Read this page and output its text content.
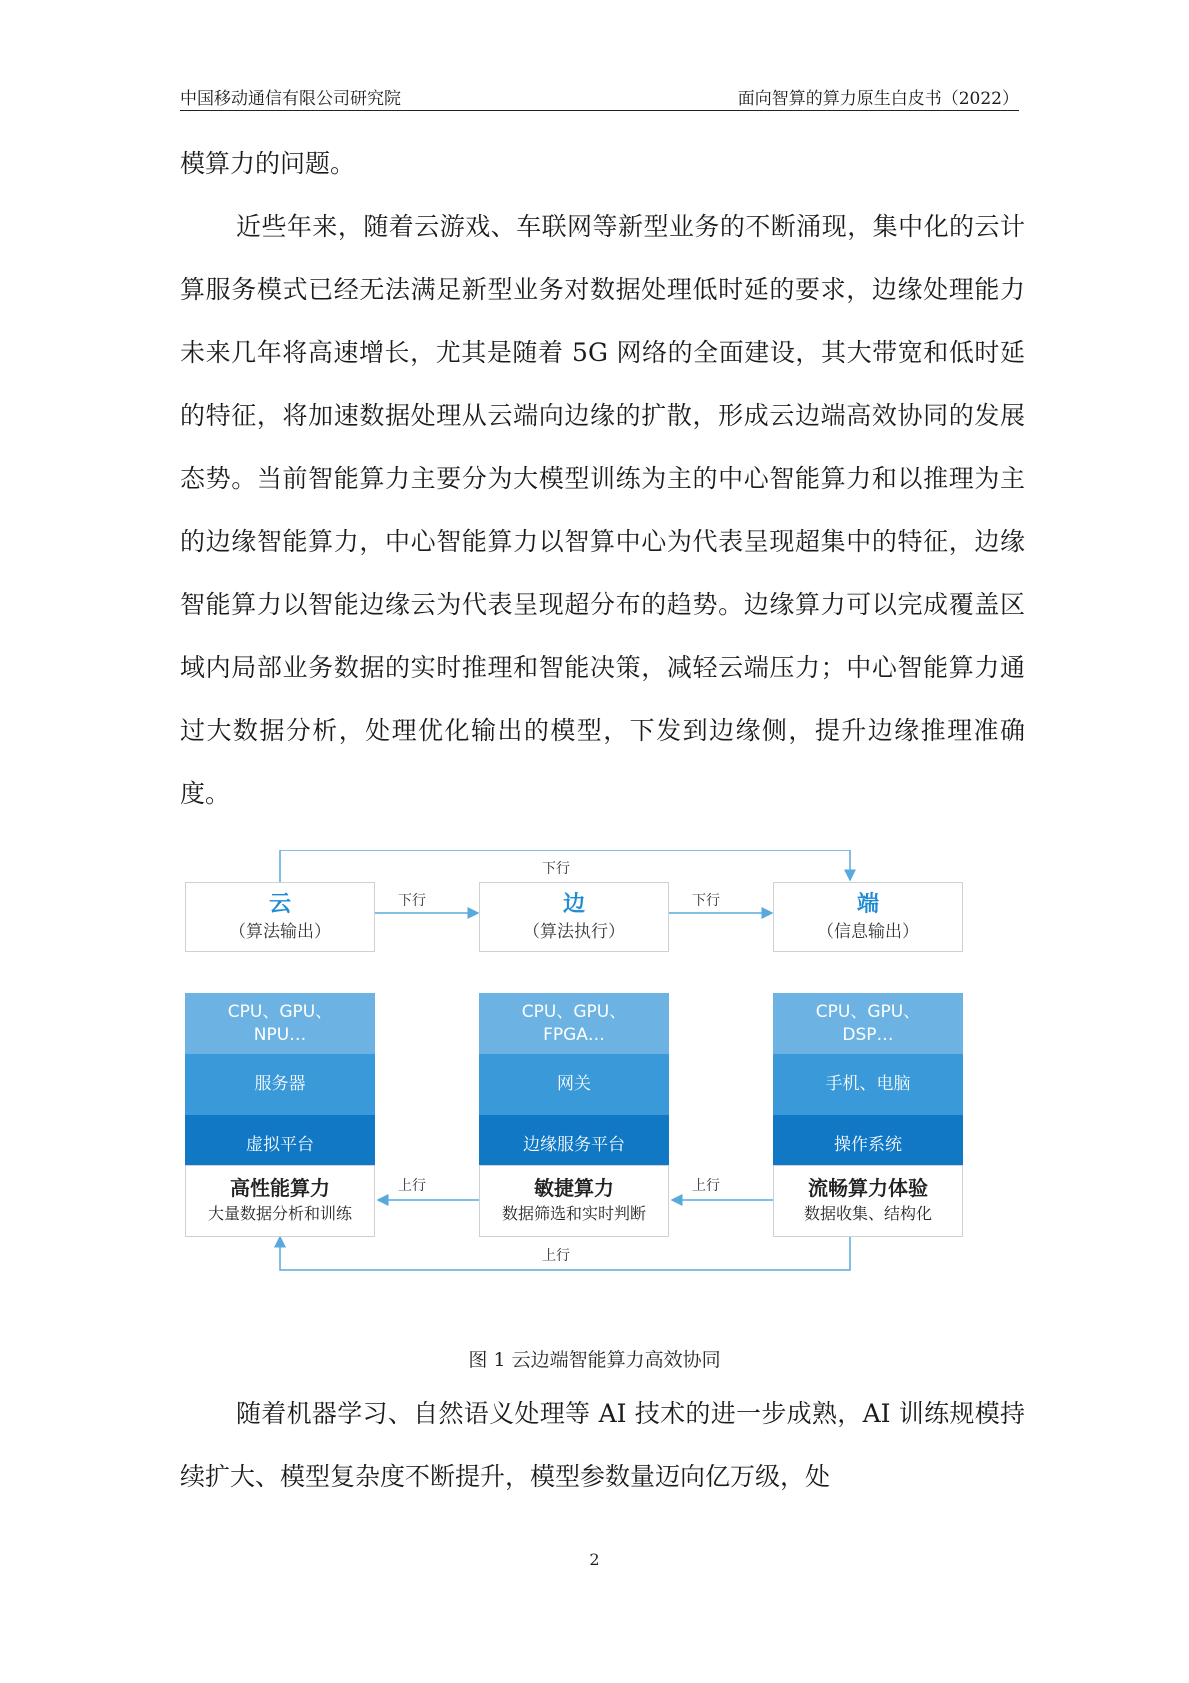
中国移动通信有限公司研究院	面向智算的算力原生白皮书（2022）

模算力的问题。

近些年来，随着云游戏、车联网等新型业务的不断涌现，集中化的云计算服务模式已经无法满足新型业务对数据处理低时延的要求，边缘处理能力未来几年将高速增长，尤其是随着 5G 网络的全面建设，其大带宽和低时延的特征，将加速数据处理从云端向边缘的扩散，形成云边端高效协同的发展态势。当前智能算力主要分为大模型训练为主的中心智能算力和以推理为主的边缘智能算力，中心智能算力以智算中心为代表呈现超集中的特征，边缘智能算力以智能边缘云为代表呈现超分布的趋势。边缘算力可以完成覆盖区域内局部业务数据的实时推理和智能决策，减轻云端压力；中心智能算力通过大数据分析，处理优化输出的模型，下发到边缘侧，提升边缘推理准确度。

下行
下行	下行
上行	上行
上行
云
（算法输出）
边
（算法执行）
端
（信息输出）
CPU、GPU、
NPU…
服务器
虚拟平台
CPU、GPU、
FPGA…
网关
边缘服务平台
CPU、GPU、
DSP…
手机、电脑
操作系统
高性能算力
大量数据分析和训练
敏捷算力
数据筛选和实时判断
流畅算力体验
数据收集、结构化
图 1 云边端智能算力高效协同

随着机器学习、自然语义处理等 AI 技术的进一步成熟，AI 训练规模持续扩大、模型复杂度不断提升，模型参数量迈向亿万级，处

2
